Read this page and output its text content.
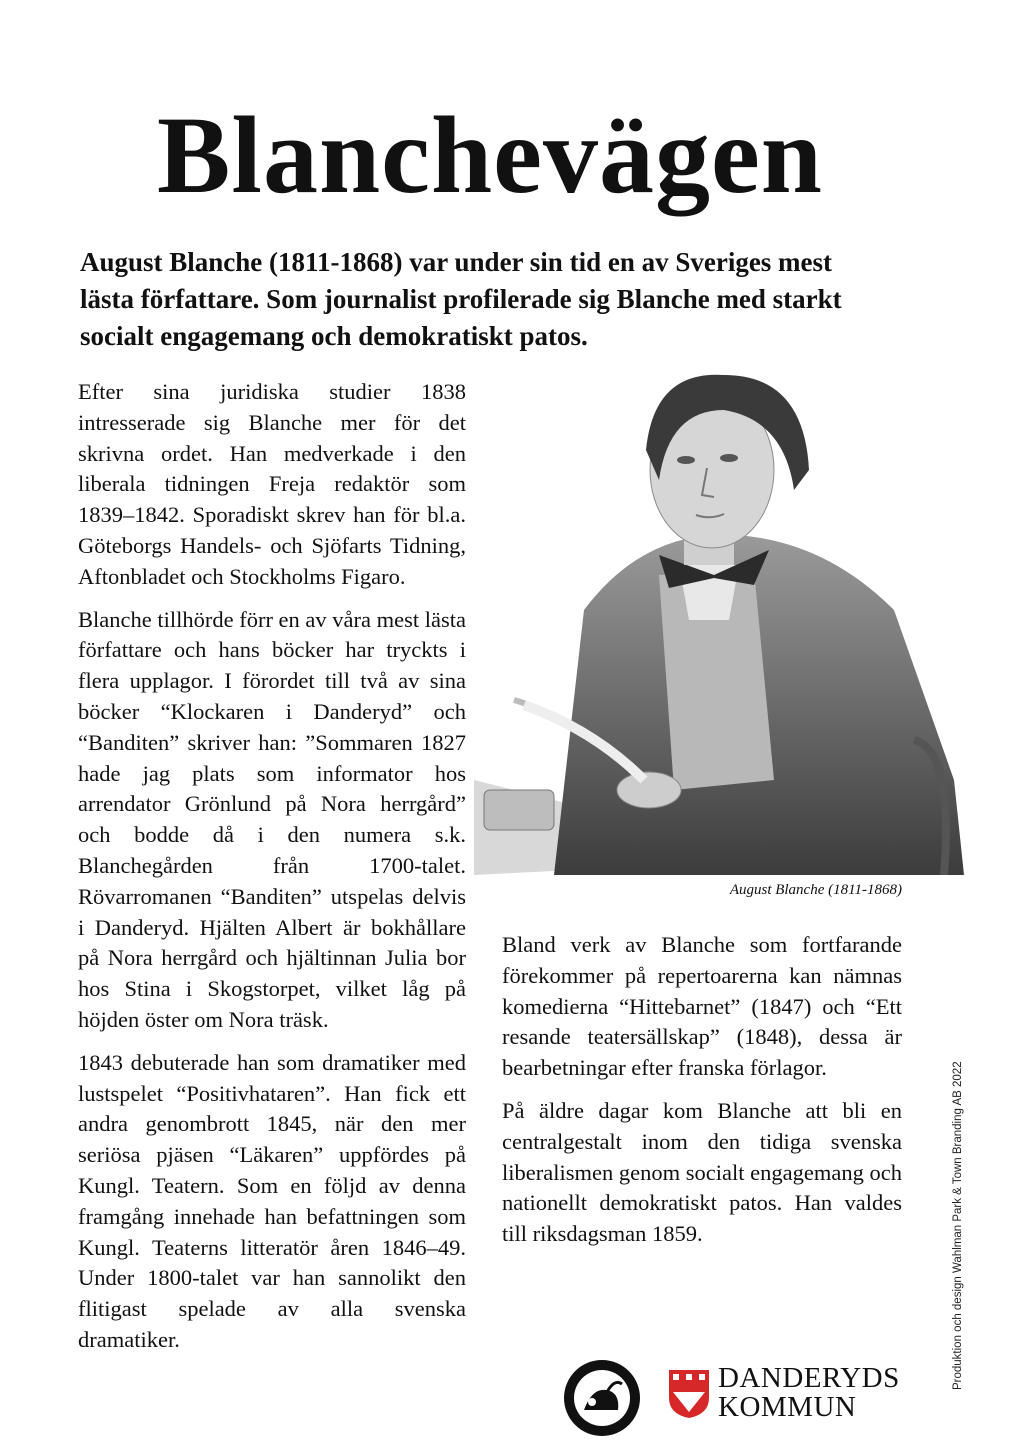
Blanchevägen
August Blanche (1811-1868) var under sin tid en av Sveriges mest lästa författare. Som journalist profilerade sig Blanche med starkt socialt engagemang och demokratiskt patos.

Efter sina juridiska studier 1838 intresserade sig Blanche mer för det skrivna ordet. Han medverkade i den liberala tidningen Freja redaktör som 1839–1842. Sporadiskt skrev han för bl.a. Göteborgs Handels- och Sjöfarts Tidning, Aftonbladet och Stockholms Figaro.

Blanche tillhörde förr en av våra mest lästa författare och hans böcker har tryckts i flera upplagor. I förordet till två av sina böcker “Klockaren i Danderyd” och “Banditen” skriver han: ”Sommaren 1827 hade jag plats som informator hos arrendator Grönlund på Nora herrgård” och bodde då i den numera s.k. Blanchegården från 1700-talet. Rövarromanen “Banditen” utspelas delvis i Danderyd. Hjälten Albert är bokhållare på Nora herrgård och hjältinnan Julia bor hos Stina i Skogstorpet, vilket låg på höjden öster om Nora träsk.

1843 debuterade han som dramatiker med lustspelet “Positivhataren”. Han fick ett andra genombrott 1845, när den mer seriösa pjäsen “Läkaren” uppfördes på Kungl. Teatern. Som en följd av denna framgång innehade han befattningen som Kungl. Teaterns litteratör åren 1846–49. Under 1800-talet var han sannolikt den flitigast spelade av alla svenska dramatiker.

August Blanche (1811-1868)

Bland verk av Blanche som fortfarande förekommer på repertoarerna kan nämnas komedierna “Hittebarnet” (1847) och “Ett resande teatersällskap” (1848), dessa är bearbetningar efter franska förlagor.

På äldre dagar kom Blanche att bli en centralgestalt inom den tidiga svenska liberalismen genom socialt engagemang och nationellt demokratiskt patos. Han valdes till riksdagsman 1859.	Produktion och design Wahlman Park & Town Branding AB 2022
DANDERYDS
KOMMUN
